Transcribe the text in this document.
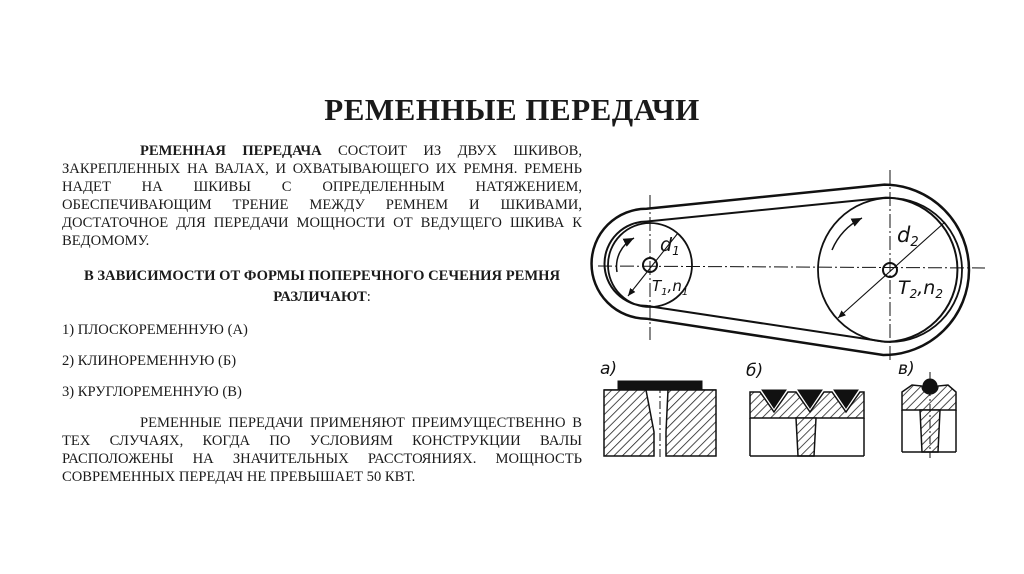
РЕМЕННЫЕ ПЕРЕДАЧИ

РЕМЕННАЯ ПЕРЕДАЧА СОСТОИТ ИЗ ДВУХ ШКИВОВ, ЗАКРЕПЛЕННЫХ НА ВАЛАХ, И ОХВАТЫВАЮЩЕГО ИХ РЕМНЯ. РЕМЕНЬ НАДЕТ НА ШКИВЫ С ОПРЕДЕЛЕННЫМ НАТЯЖЕНИЕМ, ОБЕСПЕЧИВАЮЩИМ ТРЕНИЕ МЕЖДУ РЕМНЕМ И ШКИВАМИ, ДОСТАТОЧНОЕ ДЛЯ ПЕРЕДАЧИ МОЩНОСТИ ОТ ВЕДУЩЕГО ШКИВА К ВЕДОМОМУ.

В ЗАВИСИМОСТИ ОТ ФОРМЫ ПОПЕРЕЧНОГО СЕЧЕНИЯ РЕМНЯ РАЗЛИЧАЮТ:

1) ПЛОСКОРЕМЕННУЮ (А)

2) КЛИНОРЕМЕННУЮ (Б)

3) КРУГЛОРЕМЕННУЮ (В)

РЕМЕННЫЕ ПЕРЕДАЧИ ПРИМЕНЯЮТ ПРЕИМУЩЕСТВЕННО В ТЕХ СЛУЧАЯХ, КОГДА ПО УСЛОВИЯМ КОНСТРУКЦИИ ВАЛЫ РАСПОЛОЖЕНЫ НА ЗНАЧИТЕЛЬНЫХ РАССТОЯНИЯХ. МОЩНОСТЬ СОВРЕМЕННЫХ ПЕРЕДАЧ НЕ ПРЕВЫШАЕТ 50 КВТ.

$d_1$
d2
$T_1,n_1$	$T_2,n_2$
а)	б)	в)
